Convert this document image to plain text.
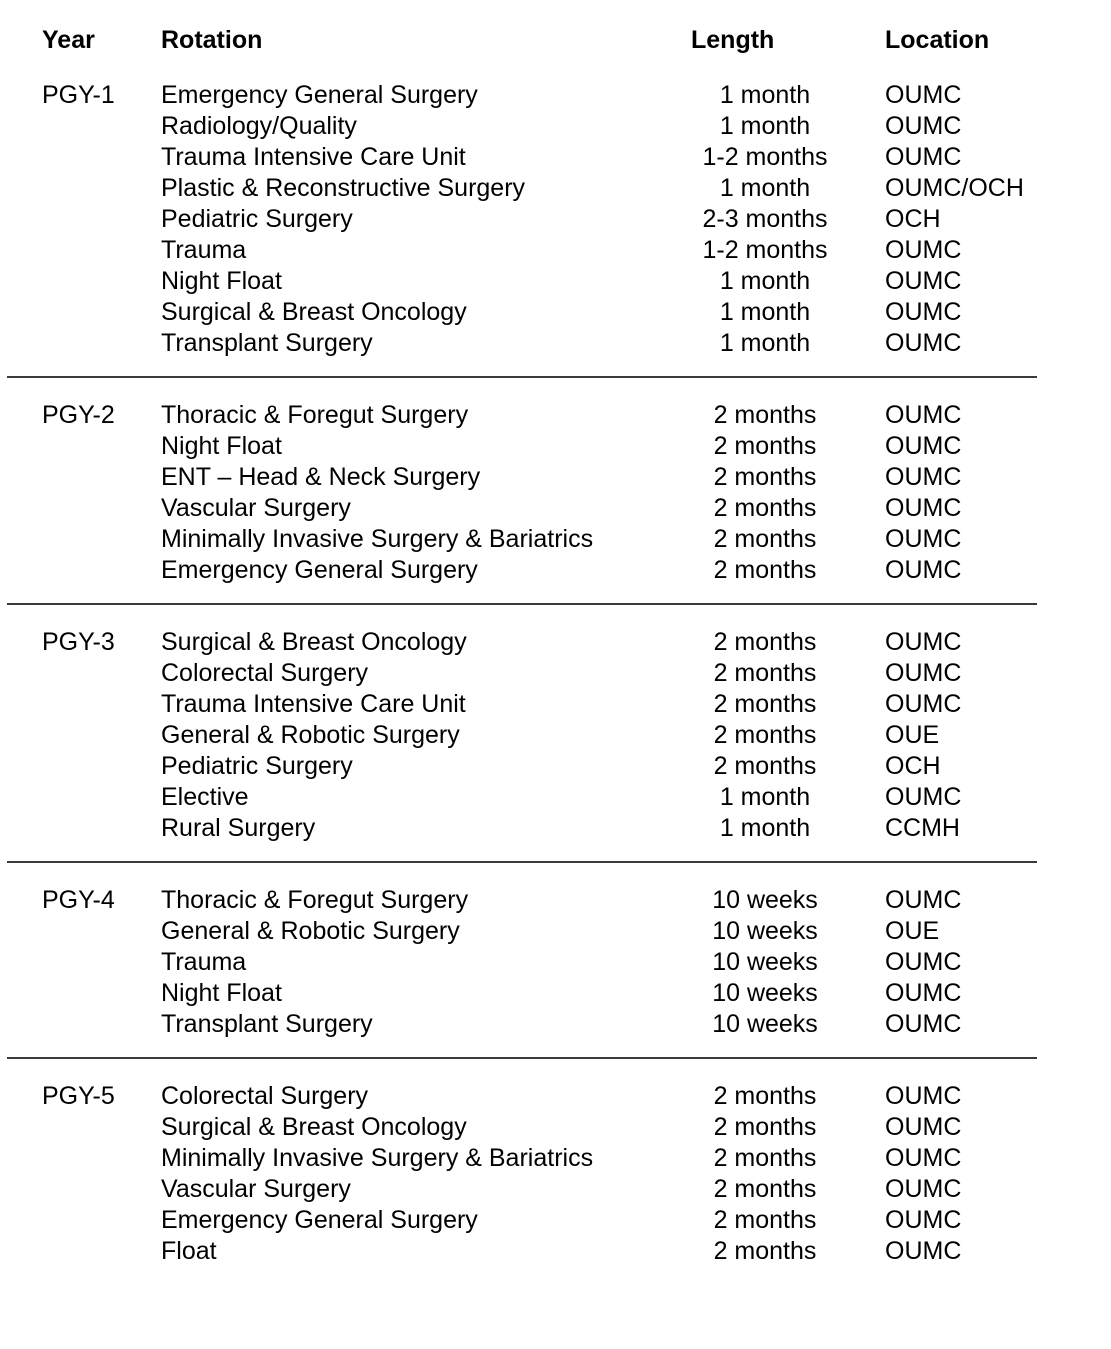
Year	Rotation	Length	Location
PGY-1	Emergency General Surgery	1 month	OUMC
Radiology/Quality	1 month	OUMC
Trauma Intensive Care Unit	1-2 months	OUMC
Plastic & Reconstructive Surgery	1 month	OUMC/OCH
Pediatric Surgery	2-3 months	OCH
Trauma	1-2 months	OUMC
Night Float	1 month	OUMC
Surgical & Breast Oncology	1 month	OUMC
Transplant Surgery	1 month	OUMC
PGY-2	Thoracic & Foregut Surgery	2 months	OUMC
Night Float	2 months	OUMC
ENT – Head & Neck Surgery	2 months	OUMC
Vascular Surgery	2 months	OUMC
Minimally Invasive Surgery & Bariatrics	2 months	OUMC
Emergency General Surgery	2 months	OUMC
PGY-3	Surgical & Breast Oncology	2 months	OUMC
Colorectal Surgery	2 months	OUMC
Trauma Intensive Care Unit	2 months	OUMC
General & Robotic Surgery	2 months	OUE
Pediatric Surgery	2 months	OCH
Elective	1 month	OUMC
Rural Surgery	1 month	CCMH
PGY-4	Thoracic & Foregut Surgery	10 weeks	OUMC
General & Robotic Surgery	10 weeks	OUE
Trauma	10 weeks	OUMC
Night Float	10 weeks	OUMC
Transplant Surgery	10 weeks	OUMC
PGY-5	Colorectal Surgery	2 months	OUMC
Surgical & Breast Oncology	2 months	OUMC
Minimally Invasive Surgery & Bariatrics	2 months	OUMC
Vascular Surgery	2 months	OUMC
Emergency General Surgery	2 months	OUMC
Float	2 months	OUMC
